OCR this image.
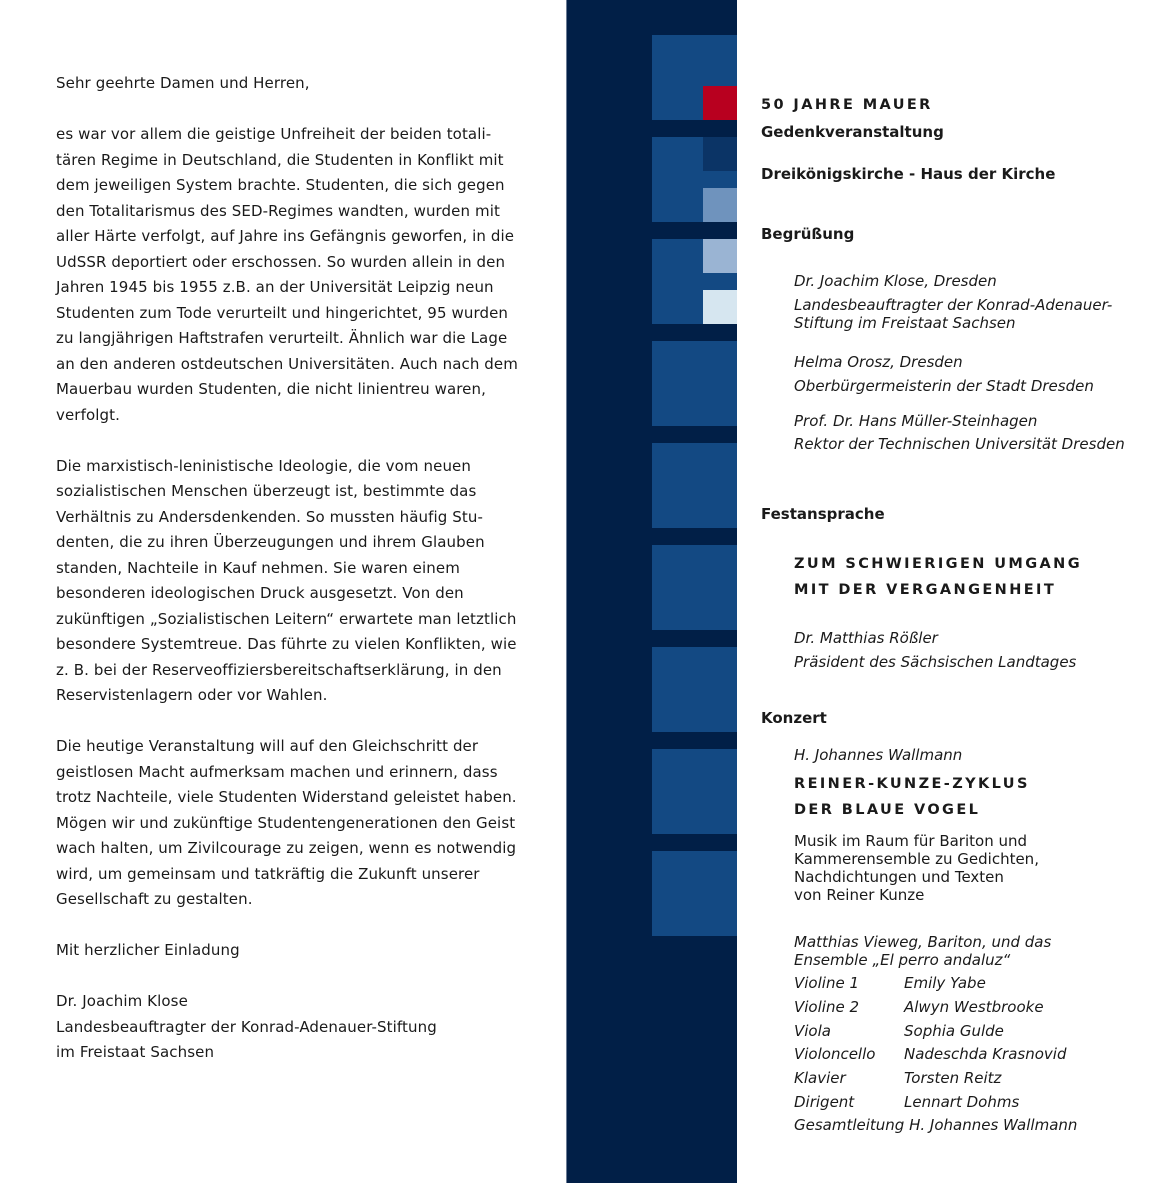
Sehr geehrte Damen und Herren,

es war vor allem die geistige Unfreiheit der beiden totali-
tären Regime in Deutschland, die Studenten in Konflikt mit
dem jeweiligen System brachte. Studenten, die sich gegen
den Totalitarismus des SED-Regimes wandten, wurden mit
aller Härte verfolgt, auf Jahre ins Gefängnis geworfen, in die
UdSSR deportiert oder erschossen. So wurden allein in den
Jahren 1945 bis 1955 z.B. an der Universität Leipzig neun
Studenten zum Tode verurteilt und hingerichtet, 95 wurden
zu langjährigen Haftstrafen verurteilt. Ähnlich war die Lage
an den anderen ostdeutschen Universitäten. Auch nach dem
Mauerbau wurden Studenten, die nicht linientreu waren,
verfolgt.

Die marxistisch-leninistische Ideologie, die vom neuen
sozialistischen Menschen überzeugt ist, bestimmte das
Verhältnis zu Andersdenkenden. So mussten häufig Stu-
denten, die zu ihren Überzeugungen und ihrem Glauben
standen, Nachteile in Kauf nehmen. Sie waren einem
besonderen ideologischen Druck ausgesetzt. Von den
zukünftigen „Sozialistischen Leitern“ erwartete man letztlich
besondere Systemtreue. Das führte zu vielen Konflikten, wie
z. B. bei der Reserveoffiziersbereitschaftserklärung, in den
Reservistenlagern oder vor Wahlen.

Die heutige Veranstaltung will auf den Gleichschritt der
geistlosen Macht aufmerksam machen und erinnern, dass
trotz Nachteile, viele Studenten Widerstand geleistet haben.
Mögen wir und zukünftige Studentengenerationen den Geist
wach halten, um Zivilcourage zu zeigen, wenn es notwendig
wird, um gemeinsam und tatkräftig die Zukunft unserer
Gesellschaft zu gestalten.

Mit herzlicher Einladung

Dr. Joachim Klose

Landesbeauftragter der Konrad-Adenauer-Stiftung
im Freistaat Sachsen

50 JAHRE MAUER
Gedenkveranstaltung
Dreikönigskirche - Haus der Kirche
Begrüßung
Dr. Joachim Klose, Dresden
Landesbeauftragter der Konrad-Adenauer-
Stiftung im Freistaat Sachsen
Helma Orosz, Dresden
Oberbürgermeisterin der Stadt Dresden
Prof. Dr. Hans Müller-Steinhagen
Rektor der Technischen Universität Dresden
Festansprache
ZUM SCHWIERIGEN UMGANG
MIT DER VERGANGENHEIT
Dr. Matthias Rößler
Präsident des Sächsischen Landtages
Konzert
H. Johannes Wallmann
REINER-KUNZE-ZYKLUS
DER BLAUE VOGEL
Musik im Raum für Bariton und
Kammerensemble zu Gedichten,
Nachdichtungen und Texten
von Reiner Kunze
Matthias Vieweg, Bariton, und das
Ensemble „El perro andaluz“
Violine 1	Emily Yabe
Violine 2	Alwyn Westbrooke
Viola	Sophia Gulde
Violoncello Nadeschda Krasnovid
Klavier	Torsten Reitz
Dirigent	Lennart Dohms
Gesamtleitung H. Johannes Wallmann
